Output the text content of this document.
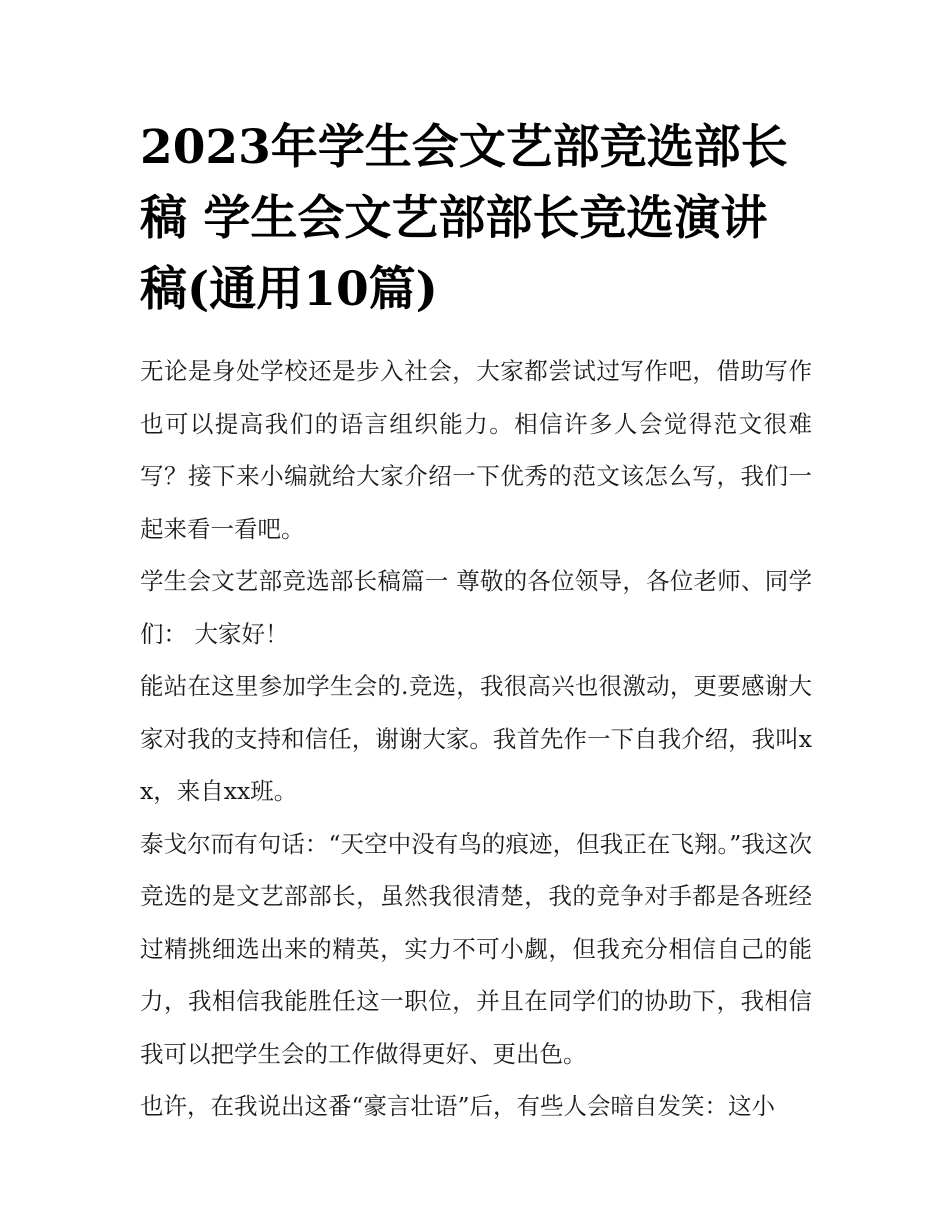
2023年学生会文艺部竞选部长稿 学生会文艺部部长竞选演讲稿(通用10篇)

无论是身处学校还是步入社会，大家都尝试过写作吧，借助写作也可以提高我们的语言组织能力。相信许多人会觉得范文很难写？接下来小编就给大家介绍一下优秀的范文该怎么写，我们一起来看一看吧。

学生会文艺部竞选部长稿篇一 尊敬的各位领导，各位老师、同学们： 大家好！

能站在这里参加学生会的.竞选，我很高兴也很激动，更要感谢大家对我的支持和信任，谢谢大家。我首先作一下自我介绍，我叫xx，来自xx班。

泰戈尔而有句话：“天空中没有鸟的痕迹，但我正在飞翔。”我这次竞选的是文艺部部长，虽然我很清楚，我的竞争对手都是各班经过精挑细选出来的精英，实力不可小觑，但我充分相信自己的能力，我相信我能胜任这一职位，并且在同学们的协助下，我相信我可以把学生会的工作做得更好、更出色。

也许，在我说出这番“豪言壮语”后，有些人会暗自发笑：这小
